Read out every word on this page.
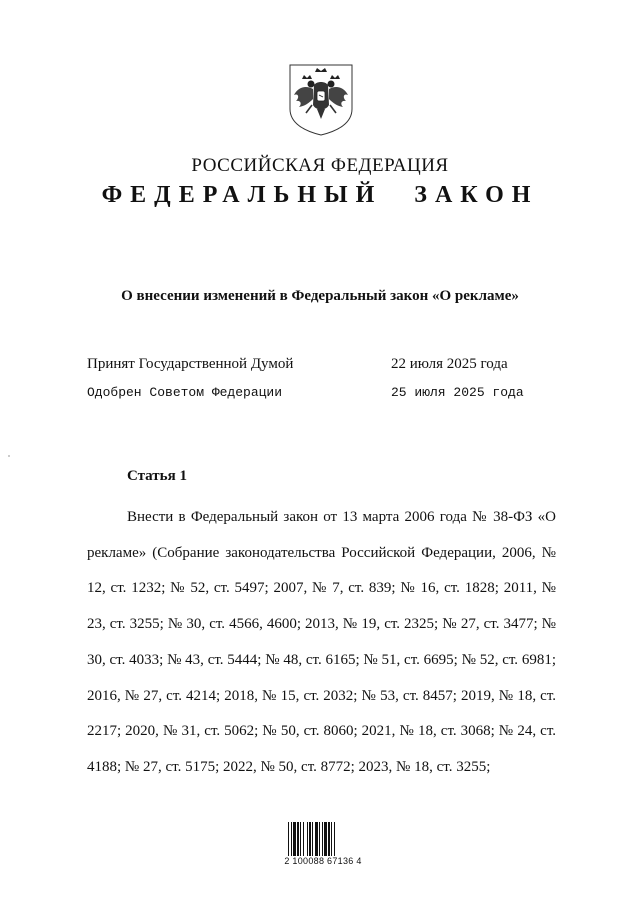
РОССИЙСКАЯ ФЕДЕРАЦИЯ
ФЕДЕРАЛЬНЫЙ ЗАКОН
О внесении изменений в Федеральный закон «О рекламе»
Принят Государственной Думой	22 июля 2025 года
Одобрен Советом Федерации	25 июля 2025 года
Статья 1

Внести в Федеральный закон от 13 марта 2006 года № 38-ФЗ «О рекламе» (Собрание законодательства Российской Федерации, 2006, № 12, ст. 1232; № 52, ст. 5497; 2007, № 7, ст. 839; № 16, ст. 1828; 2011, № 23, ст. 3255; № 30, ст. 4566, 4600; 2013, № 19, ст. 2325; № 27, ст. 3477; № 30, ст. 4033; № 43, ст. 5444; № 48, ст. 6165; № 51, ст. 6695; № 52, ст. 6981; 2016, № 27, ст. 4214; 2018, № 15, ст. 2032; № 53, ст. 8457; 2019, № 18, ст. 2217; 2020, № 31, ст. 5062; № 50, ст. 8060; 2021, № 18, ст. 3068; № 24, ст. 4188; № 27, ст. 5175; 2022, № 50, ст. 8772; 2023, № 18, ст. 3255;

2 100088 67136 4
